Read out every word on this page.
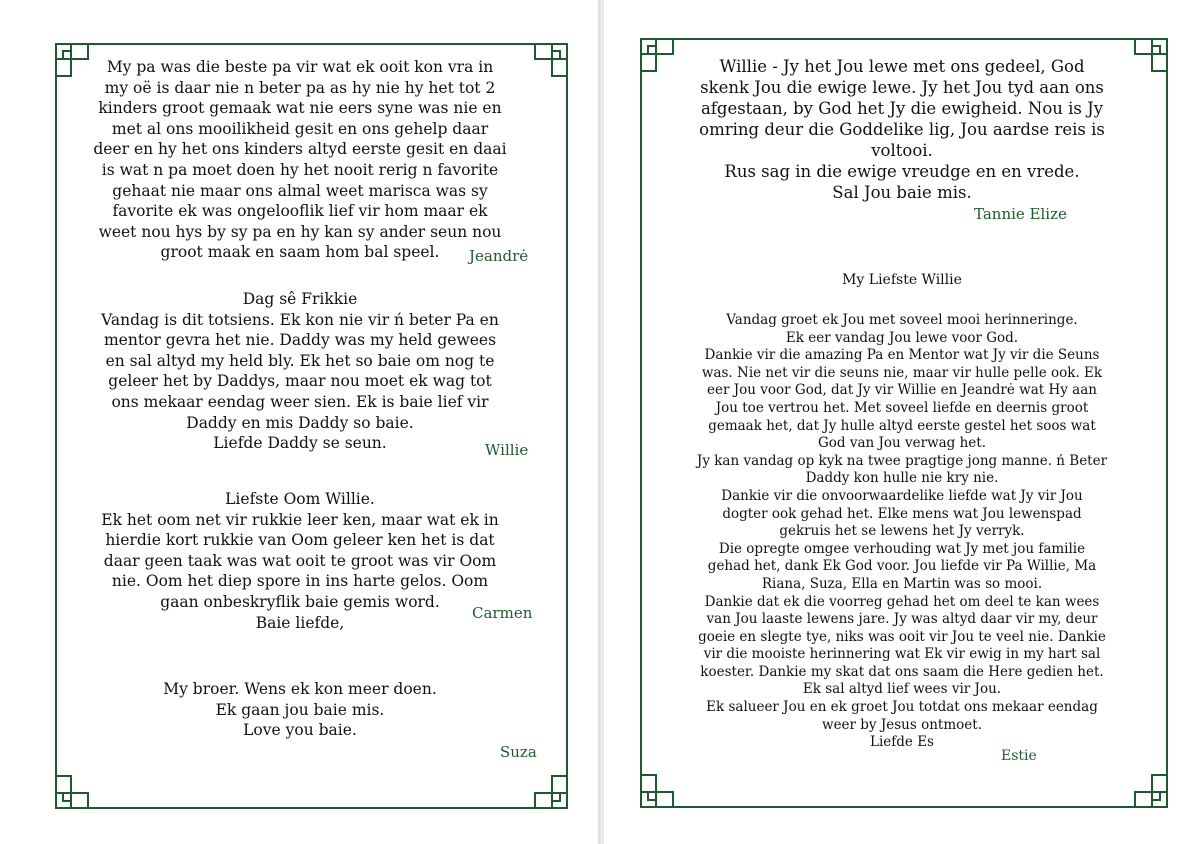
My pa was die beste pa vir wat ek ooit kon vra in
my oë is daar nie n beter pa as hy nie hy het tot 2
kinders groot gemaak wat nie eers syne was nie en
met al ons mooilikheid gesit en ons gehelp daar
deer en hy het ons kinders altyd eerste gesit en daai
is wat n pa moet doen hy het nooit rerig n favorite
gehaat nie maar ons almal weet marisca was sy
favorite ek was ongelooflik lief vir hom maar ek
weet nou hys by sy pa en hy kan sy ander seun nou
groot maak en saam hom bal speel.	Jeandrė
Dag sê Frikkie
Vandag is dit totsiens. Ek kon nie vir ń beter Pa en
mentor gevra het nie. Daddy was my held gewees
en sal altyd my held bly. Ek het so baie om nog te
geleer het by Daddys, maar nou moet ek wag tot
ons mekaar eendag weer sien. Ek is baie lief vir
Daddy en mis Daddy so baie.
Liefde Daddy se seun.	Willie
Liefste Oom Willie.
Ek het oom net vir rukkie leer ken, maar wat ek in
hierdie kort rukkie van Oom geleer ken het is dat
daar geen taak was wat ooit te groot was vir Oom
nie. Oom het diep spore in ins harte gelos. Oom
gaan onbeskryflik baie gemis word.
Baie liefde,
Carmen
My broer. Wens ek kon meer doen.
Ek gaan jou baie mis.
Love you baie.
Suza
Willie - Jy het Jou lewe met ons gedeel, God
skenk Jou die ewige lewe. Jy het Jou tyd aan ons
afgestaan, by God het Jy die ewigheid. Nou is Jy
omring deur die Goddelike lig, Jou aardse reis is
voltooi.
Rus sag in die ewige vreudge en en vrede.
Sal Jou baie mis.
Tannie Elize
My Liefste Willie
Vandag groet ek Jou met soveel mooi herinneringe.
Ek eer vandag Jou lewe voor God.
Dankie vir die amazing Pa en Mentor wat Jy vir die Seuns
was. Nie net vir die seuns nie, maar vir hulle pelle ook. Ek
eer Jou voor God, dat Jy vir Willie en Jeandrė wat Hy aan
Jou toe vertrou het. Met soveel liefde en deernis groot
gemaak het, dat Jy hulle altyd eerste gestel het soos wat
God van Jou verwag het.
Jy kan vandag op kyk na twee pragtige jong manne. ń Beter
Daddy kon hulle nie kry nie.
Dankie vir die onvoorwaardelike liefde wat Jy vir Jou
dogter ook gehad het. Elke mens wat Jou lewenspad
gekruis het se lewens het Jy verryk.
Die opregte omgee verhouding wat Jy met jou familie
gehad het, dank Ek God voor. Jou liefde vir Pa Willie, Ma
Riana, Suza, Ella en Martin was so mooi.
Dankie dat ek die voorreg gehad het om deel te kan wees
van Jou laaste lewens jare. Jy was altyd daar vir my, deur
goeie en slegte tye, niks was ooit vir Jou te veel nie. Dankie
vir die mooiste herinnering wat Ek vir ewig in my hart sal
koester. Dankie my skat dat ons saam die Here gedien het.
Ek sal altyd lief wees vir Jou.
Ek salueer Jou en ek groet Jou totdat ons mekaar eendag
weer by Jesus ontmoet.
Liefde Es
Estie
